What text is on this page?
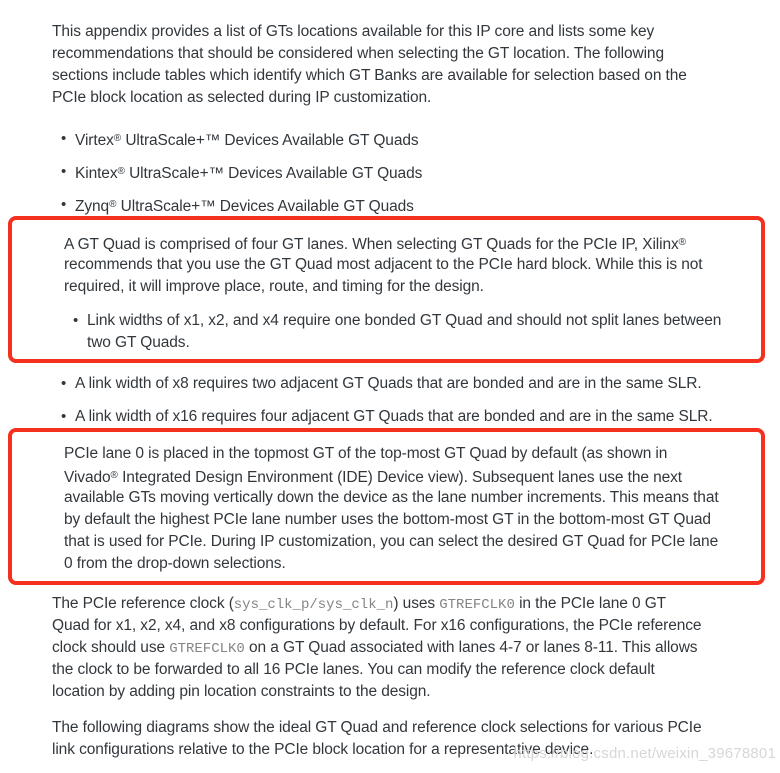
This appendix provides a list of GTs locations available for this IP core and lists some key
recommendations that should be considered when selecting the GT location. The following
sections include tables which identify which GT Banks are available for selection based on the
PCIe block location as selected during IP customization.
• Virtex® UltraScale+™ Devices Available GT Quads
• Kintex® UltraScale+™ Devices Available GT Quads
• Zynq® UltraScale+™ Devices Available GT Quads
A GT Quad is comprised of four GT lanes. When selecting GT Quads for the PCIe IP, Xilinx®
recommends that you use the GT Quad most adjacent to the PCIe hard block. While this is not
required, it will improve place, route, and timing for the design.
• Link widths of x1, x2, and x4 require one bonded GT Quad and should not split lanes between
two GT Quads.
• A link width of x8 requires two adjacent GT Quads that are bonded and are in the same SLR.
• A link width of x16 requires four adjacent GT Quads that are bonded and are in the same SLR.
PCIe lane 0 is placed in the topmost GT of the top-most GT Quad by default (as shown in
Vivado® Integrated Design Environment (IDE) Device view). Subsequent lanes use the next
available GTs moving vertically down the device as the lane number increments. This means that
by default the highest PCIe lane number uses the bottom-most GT in the bottom-most GT Quad
that is used for PCIe. During IP customization, you can select the desired GT Quad for PCIe lane
0 from the drop-down selections.
The PCIe reference clock (sys_clk_p/sys_clk_n) uses GTREFCLK0 in the PCIe lane 0 GT
Quad for x1, x2, x4, and x8 configurations by default. For x16 configurations, the PCIe reference
clock should use GTREFCLK0 on a GT Quad associated with lanes 4-7 or lanes 8-11. This allows
the clock to be forwarded to all 16 PCIe lanes. You can modify the reference clock default
location by adding pin location constraints to the design.
The following diagrams show the ideal GT Quad and reference clock selections for various PCIe
link configurations relative to the PCIe block location for a representative device.
https://blog.csdn.net/weixin_39678801
